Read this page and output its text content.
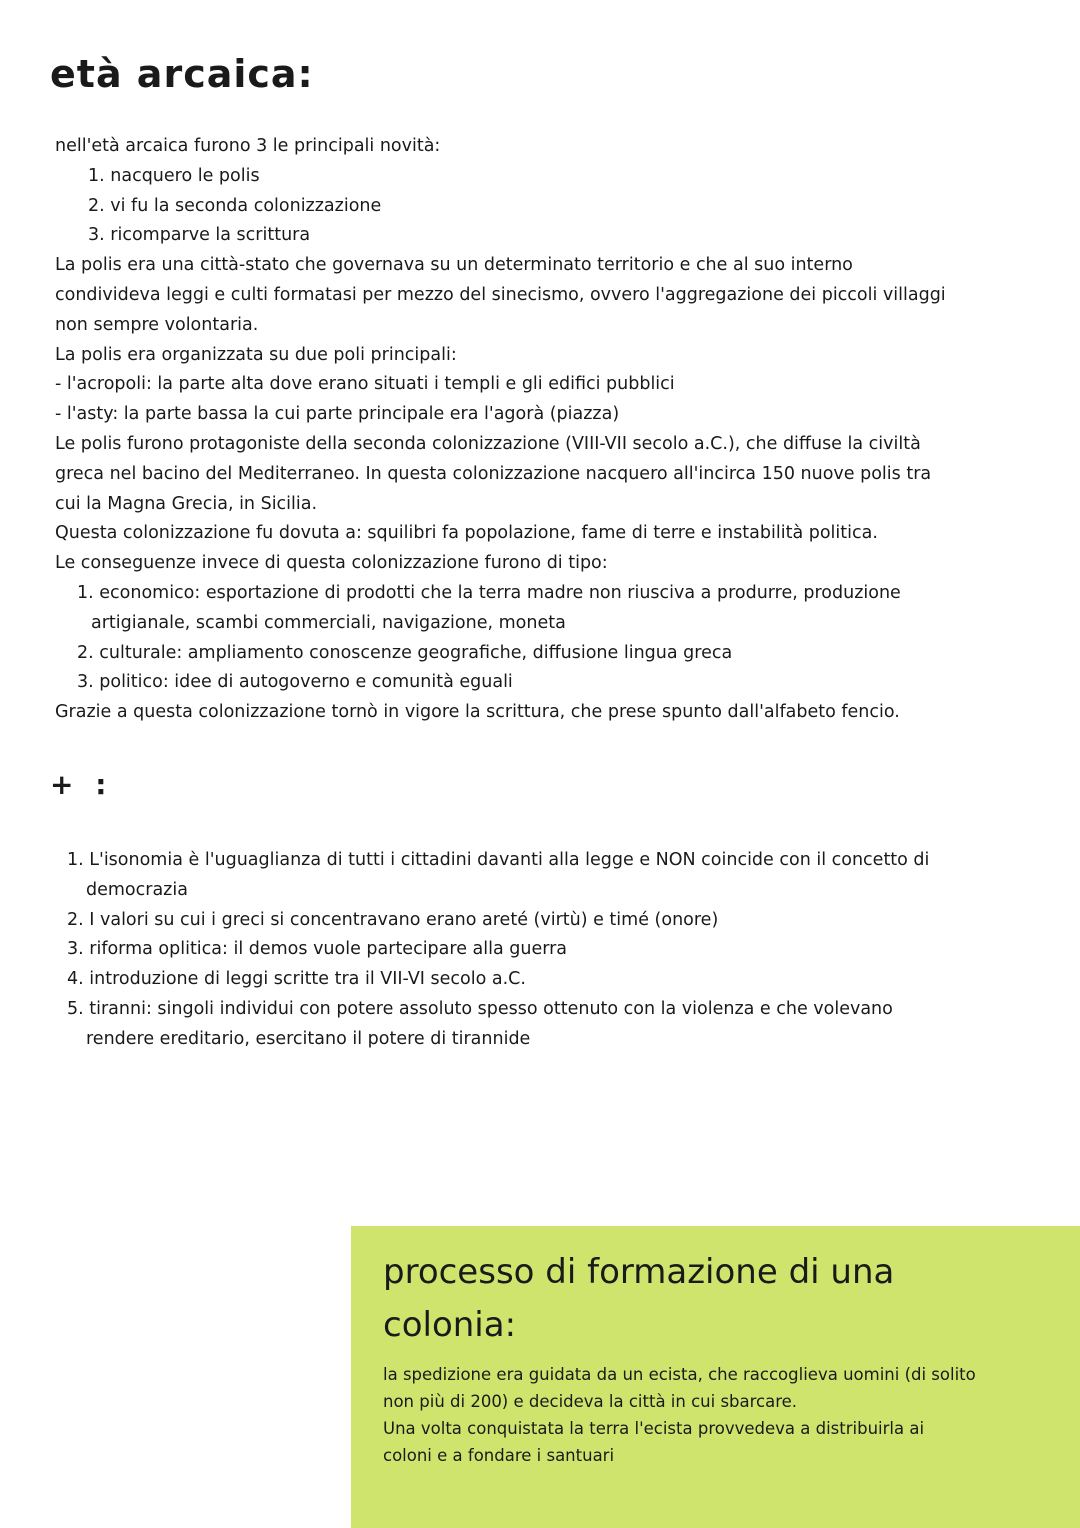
età arcaica:
nell'età arcaica furono 3 le principali novità:
1. nacquero le polis
2. vi fu la seconda colonizzazione
3. ricomparve la scrittura
La polis era una città-stato che governava su un determinato territorio e che al suo interno
condivideva leggi e culti formatasi per mezzo del sinecismo, ovvero l'aggregazione dei piccoli villaggi
non sempre volontaria.
La polis era organizzata su due poli principali:
- l'acropoli: la parte alta dove erano situati i templi e gli edifici pubblici
- l'asty: la parte bassa la cui parte principale era l'agorà (piazza)
Le polis furono protagoniste della seconda colonizzazione (VIII-VII secolo a.C.), che diffuse la civiltà
greca nel bacino del Mediterraneo. In questa colonizzazione nacquero all'incirca 150 nuove polis tra
cui la Magna Grecia, in Sicilia.
Questa colonizzazione fu dovuta a: squilibri fa popolazione, fame di terre e instabilità politica.
Le conseguenze invece di questa colonizzazione furono di tipo:
1. economico: esportazione di prodotti che la terra madre non riusciva a produrre, produzione
artigianale, scambi commerciali, navigazione, moneta
2. culturale: ampliamento conoscenze geografiche, diffusione lingua greca
3. politico: idee di autogoverno e comunità eguali
Grazie a questa colonizzazione tornò in vigore la scrittura, che prese spunto dall'alfabeto fencio.
+ :
1. L'isonomia è l'uguaglianza di tutti i cittadini davanti alla legge e NON coincide con il concetto di
democrazia
2. I valori su cui i greci si concentravano erano areté (virtù) e timé (onore)
3. riforma oplitica: il demos vuole partecipare alla guerra
4. introduzione di leggi scritte tra il VII-VI secolo a.C.
5. tiranni: singoli individui con potere assoluto spesso ottenuto con la violenza e che volevano
rendere ereditario, esercitano il potere di tirannide
processo di formazione di una colonia:
la spedizione era guidata da un ecista, che raccoglieva uomini (di solito
non più di 200) e decideva la città in cui sbarcare.
Una volta conquistata la terra l'ecista provvedeva a distribuirla ai
coloni e a fondare i santuari
